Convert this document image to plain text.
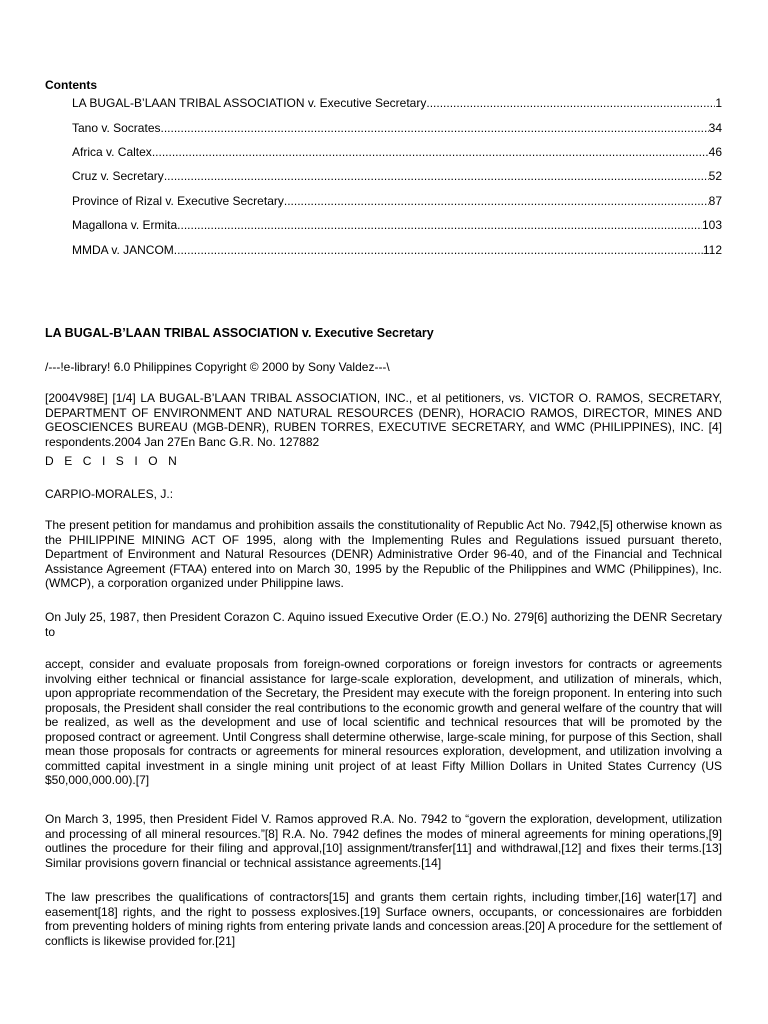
Contents
LA BUGAL-B’LAAN TRIBAL ASSOCIATION v. Executive Secretary .....	1
Tano v. Socrates .....	34
Africa v. Caltex .....	46
Cruz v. Secretary .....	52
Province of Rizal v. Executive Secretary .....	87
Magallona v. Ermita .....	103
MMDA v. JANCOM .....	112
LA BUGAL-B’LAAN TRIBAL ASSOCIATION v. Executive Secretary
/---!e-library! 6.0 Philippines Copyright © 2000 by Sony Valdez---\
[2004V98E] [1/4] LA BUGAL-B’LAAN TRIBAL ASSOCIATION, INC., et al petitioners, vs. VICTOR O. RAMOS, SECRETARY, DEPARTMENT OF ENVIRONMENT AND NATURAL RESOURCES (DENR), HORACIO RAMOS, DIRECTOR, MINES AND GEOSCIENCES BUREAU (MGB-DENR), RUBEN TORRES, EXECUTIVE SECRETARY, and WMC (PHILIPPINES), INC. [4] respondents.2004 Jan 27En Banc G.R. No. 127882
D E C I S I O N
CARPIO-MORALES, J.:
The present petition for mandamus and prohibition assails the constitutionality of Republic Act No. 7942,[5] otherwise known as the PHILIPPINE MINING ACT OF 1995, along with the Implementing Rules and Regulations issued pursuant thereto, Department of Environment and Natural Resources (DENR) Administrative Order 96-40, and of the Financial and Technical Assistance Agreement (FTAA) entered into on March 30, 1995 by the Republic of the Philippines and WMC (Philippines), Inc. (WMCP), a corporation organized under Philippine laws.
On July 25, 1987, then President Corazon C. Aquino issued Executive Order (E.O.) No. 279[6] authorizing the DENR Secretary to
accept, consider and evaluate proposals from foreign-owned corporations or foreign investors for contracts or agreements involving either technical or financial assistance for large-scale exploration, development, and utilization of minerals, which, upon appropriate recommendation of the Secretary, the President may execute with the foreign proponent. In entering into such proposals, the President shall consider the real contributions to the economic growth and general welfare of the country that will be realized, as well as the development and use of local scientific and technical resources that will be promoted by the proposed contract or agreement. Until Congress shall determine otherwise, large-scale mining, for purpose of this Section, shall mean those proposals for contracts or agreements for mineral resources exploration, development, and utilization involving a committed capital investment in a single mining unit project of at least Fifty Million Dollars in United States Currency (US $50,000,000.00).[7]
On March 3, 1995, then President Fidel V. Ramos approved R.A. No. 7942 to “govern the exploration, development, utilization and processing of all mineral resources.”[8] R.A. No. 7942 defines the modes of mineral agreements for mining operations,[9] outlines the procedure for their filing and approval,[10] assignment/transfer[11] and withdrawal,[12] and fixes their terms.[13] Similar provisions govern financial or technical assistance agreements.[14]
The law prescribes the qualifications of contractors[15] and grants them certain rights, including timber,[16] water[17] and easement[18] rights, and the right to possess explosives.[19] Surface owners, occupants, or concessionaires are forbidden from preventing holders of mining rights from entering private lands and concession areas.[20] A procedure for the settlement of conflicts is likewise provided for.[21]
